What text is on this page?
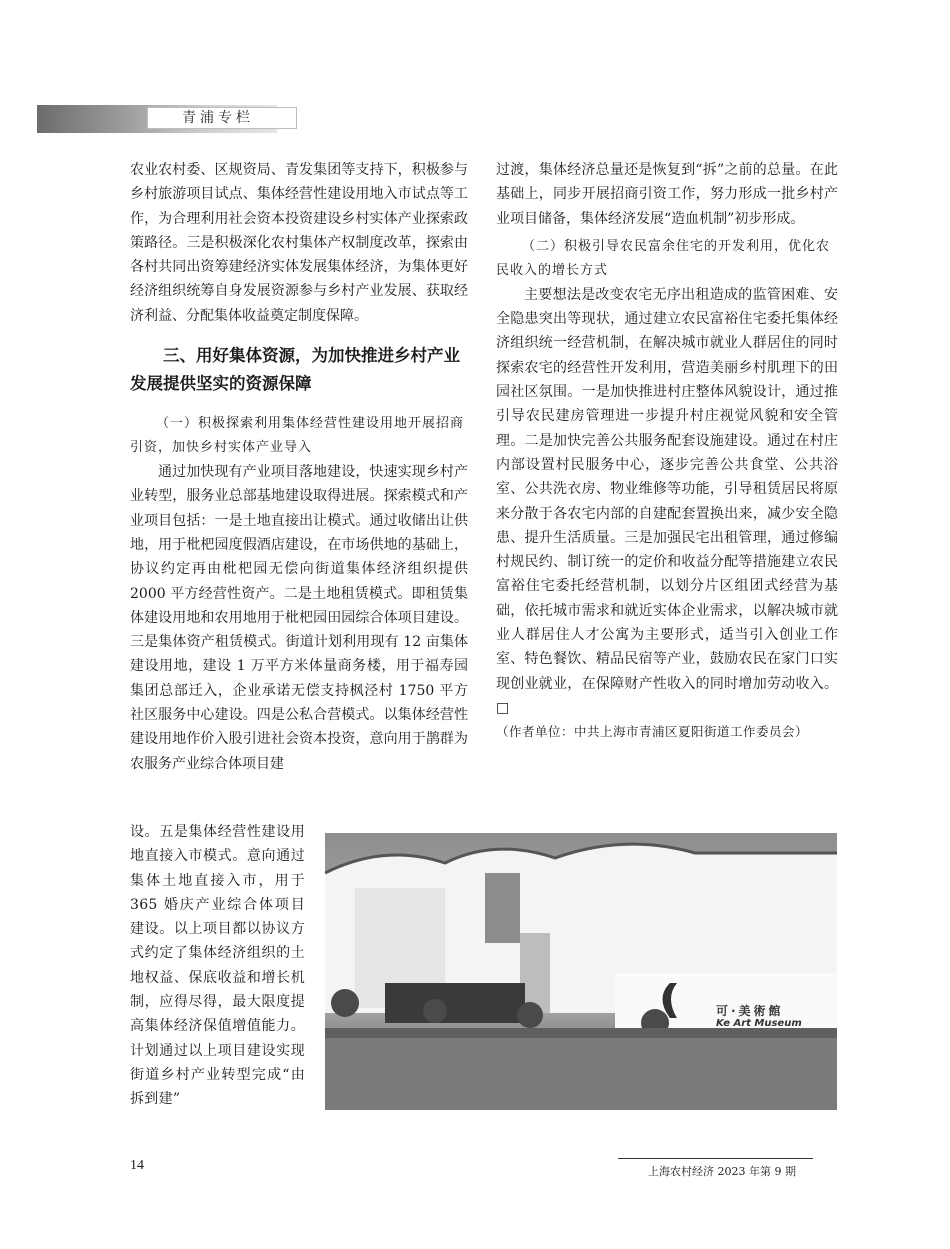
青浦专栏

农业农村委、区规资局、青发集团等支持下，积极参与乡村旅游项目试点、集体经营性建设用地入市试点等工作，为合理利用社会资本投资建设乡村实体产业探索政策路径。三是积极深化农村集体产权制度改革，探索由各村共同出资筹建经济实体发展集体经济，为集体更好经济组织统筹自身发展资源参与乡村产业发展、获取经济利益、分配集体收益奠定制度保障。

三、用好集体资源，为加快推进乡村产业发展提供坚实的资源保障
（一）积极探索利用集体经营性建设用地开展招商引资，加快乡村实体产业导入

通过加快现有产业项目落地建设，快速实现乡村产业转型，服务业总部基地建设取得进展。探索模式和产业项目包括：一是土地直接出让模式。通过收储出让供地，用于枇杷园度假酒店建设，在市场供地的基础上，协议约定再由枇杷园无偿向街道集体经济组织提供 2000 平方经营性资产。二是土地租赁模式。即租赁集体建设用地和农用地用于枇杷园田园综合体项目建设。三是集体资产租赁模式。街道计划利用现有 12 亩集体建设用地，建设 1 万平方米体量商务楼，用于福寿园集团总部迁入，企业承诺无偿支持枫泾村 1750 平方社区服务中心建设。四是公私合营模式。以集体经营性建设用地作价入股引进社会资本投资，意向用于鹊群为农服务产业综合体项目建

设。五是集体经营性建设用地直接入市模式。意向通过集体土地直接入市，用于 365 婚庆产业综合体项目建设。以上项目都以协议方式约定了集体经济组织的土地权益、保底收益和增长机制，应得尽得，最大限度提高集体经济保值增值能力。计划通过以上项目建设实现街道乡村产业转型完成“由拆到建”

过渡，集体经济总量还是恢复到“拆”之前的总量。在此基础上，同步开展招商引资工作，努力形成一批乡村产业项目储备，集体经济发展“造血机制”初步形成。

（二）积极引导农民富余住宅的开发利用，优化农民收入的增长方式

主要想法是改变农宅无序出租造成的监管困难、安全隐患突出等现状，通过建立农民富裕住宅委托集体经济组织统一经营机制，在解决城市就业人群居住的同时探索农宅的经营性开发利用，营造美丽乡村肌理下的田园社区氛围。一是加快推进村庄整体风貌设计，通过推引导农民建房管理进一步提升村庄视觉风貌和安全管理。二是加快完善公共服务配套设施建设。通过在村庄内部设置村民服务中心，逐步完善公共食堂、公共浴室、公共洗衣房、物业维修等功能，引导租赁居民将原来分散于各农宅内部的自建配套置换出来，减少安全隐患、提升生活质量。三是加强民宅出租管理，通过修编村规民约、制订统一的定价和收益分配等措施建立农民富裕住宅委托经营机制，以划分片区组团式经营为基础，依托城市需求和就近实体企业需求，以解决城市就业人群居住人才公寓为主要形式，适当引入创业工作室、特色餐饮、精品民宿等产业，鼓励农民在家门口实现创业就业，在保障财产性收入的同时增加劳动收入。□

（作者单位：中共上海市青浦区夏阳街道工作委员会）
可·美術館
Ke Art Museum
14	上海农村经济 2023 年第 9 期
